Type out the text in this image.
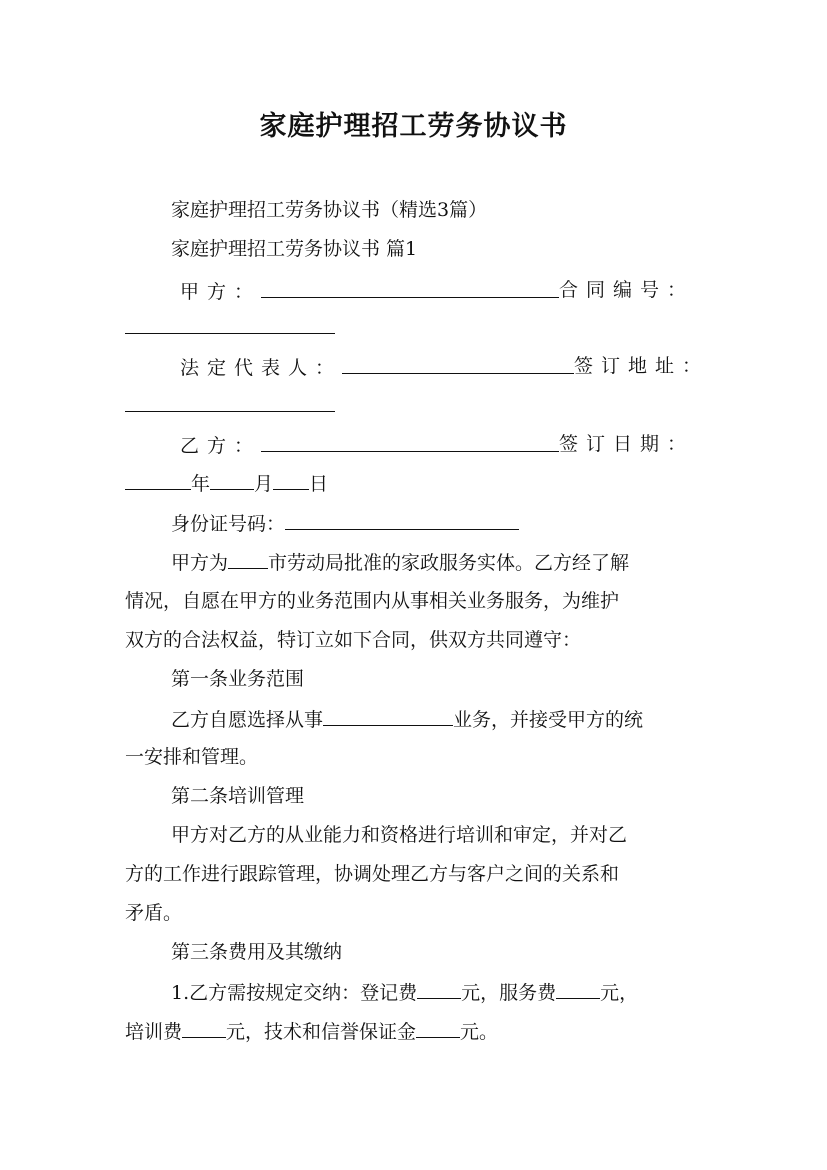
家庭护理招工劳务协议书
家庭护理招工劳务协议书（精选3篇）
家庭护理招工劳务协议书 篇1
甲方：	合同编号：
法定代表人：	签订地址：
乙方：	签订日期：
年 月 日
身份证号码：
甲方为 市劳动局批准的家政服务实体。乙方经了解
情况，自愿在甲方的业务范围内从事相关业务服务，为维护
双方的合法权益，特订立如下合同，供双方共同遵守：
第一条业务范围
乙方自愿选择从事	业务，并接受甲方的统
一安排和管理。
第二条培训管理
甲方对乙方的从业能力和资格进行培训和审定，并对乙
方的工作进行跟踪管理，协调处理乙方与客户之间的关系和
矛盾。
第三条费用及其缴纳
1.乙方需按规定交纳：登记费 元，服务费 元，
培训费 元，技术和信誉保证金 元。
